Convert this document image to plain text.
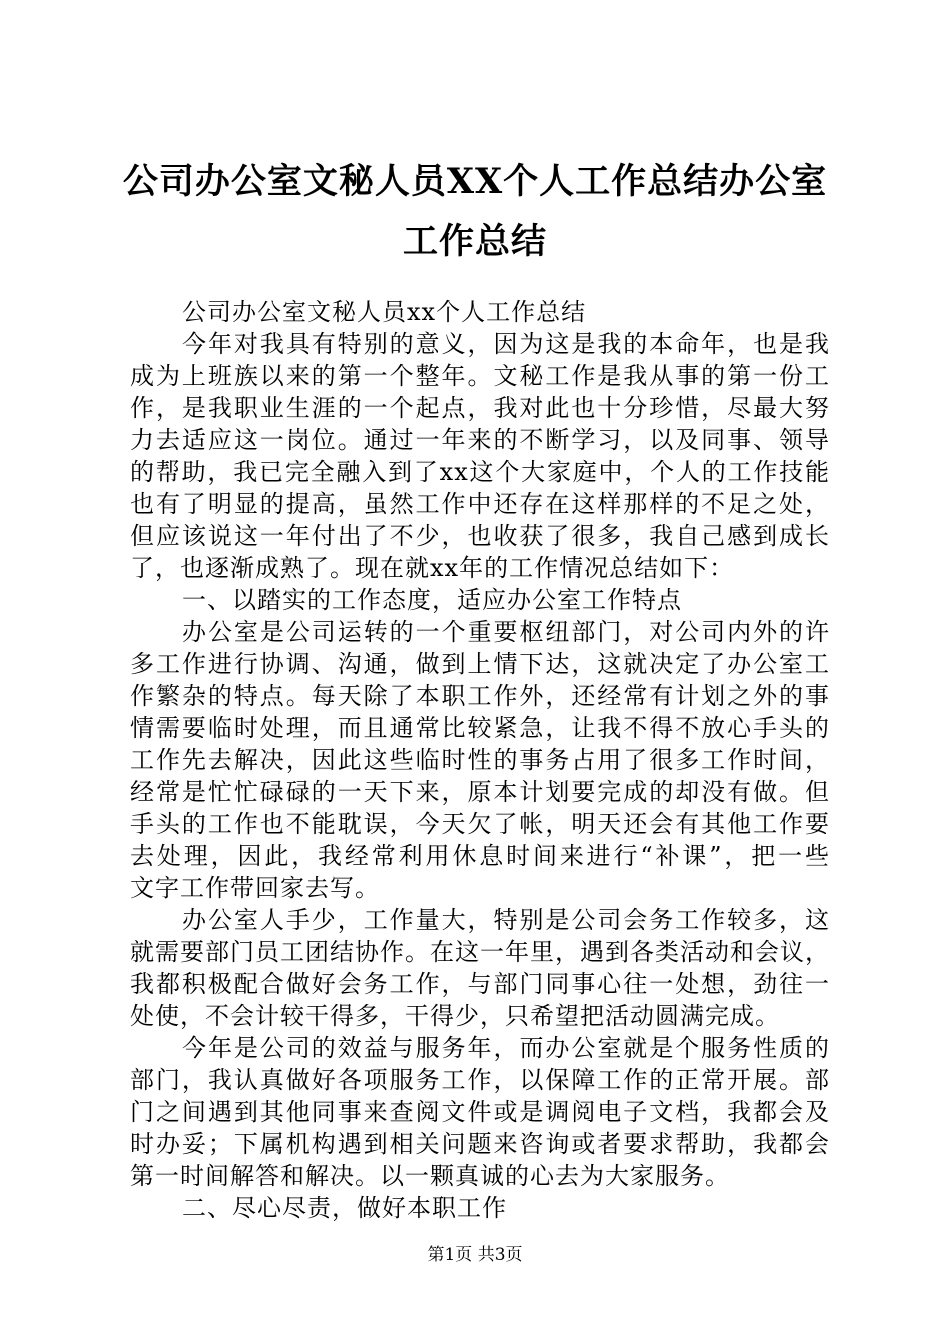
公司办公室文秘人员XX个人工作总结办公室
工作总结
公司办公室文秘人员xx个人工作总结
今年对我具有特别的意义，因为这是我的本命年，也是我
成为上班族以来的第一个整年。文秘工作是我从事的第一份工
作，是我职业生涯的一个起点，我对此也十分珍惜，尽最大努
力去适应这一岗位。通过一年来的不断学习，以及同事、领导
的帮助，我已完全融入到了xx这个大家庭中，个人的工作技能
也有了明显的提高，虽然工作中还存在这样那样的不足之处，
但应该说这一年付出了不少，也收获了很多，我自己感到成长
了，也逐渐成熟了。现在就xx年的工作情况总结如下：
一、以踏实的工作态度，适应办公室工作特点
办公室是公司运转的一个重要枢纽部门，对公司内外的许
多工作进行协调、沟通，做到上情下达，这就决定了办公室工
作繁杂的特点。每天除了本职工作外，还经常有计划之外的事
情需要临时处理，而且通常比较紧急，让我不得不放心手头的
工作先去解决，因此这些临时性的事务占用了很多工作时间，
经常是忙忙碌碌的一天下来，原本计划要完成的却没有做。但
手头的工作也不能耽误，今天欠了帐，明天还会有其他工作要
去处理，因此，我经常利用休息时间来进行“补课”，把一些
文字工作带回家去写。
办公室人手少，工作量大，特别是公司会务工作较多，这
就需要部门员工团结协作。在这一年里，遇到各类活动和会议，
我都积极配合做好会务工作，与部门同事心往一处想，劲往一
处使，不会计较干得多，干得少，只希望把活动圆满完成。
今年是公司的效益与服务年，而办公室就是个服务性质的
部门，我认真做好各项服务工作，以保障工作的正常开展。部
门之间遇到其他同事来查阅文件或是调阅电子文档，我都会及
时办妥；下属机构遇到相关问题来咨询或者要求帮助，我都会
第一时间解答和解决。以一颗真诚的心去为大家服务。
二、尽心尽责，做好本职工作
第1页 共3页
